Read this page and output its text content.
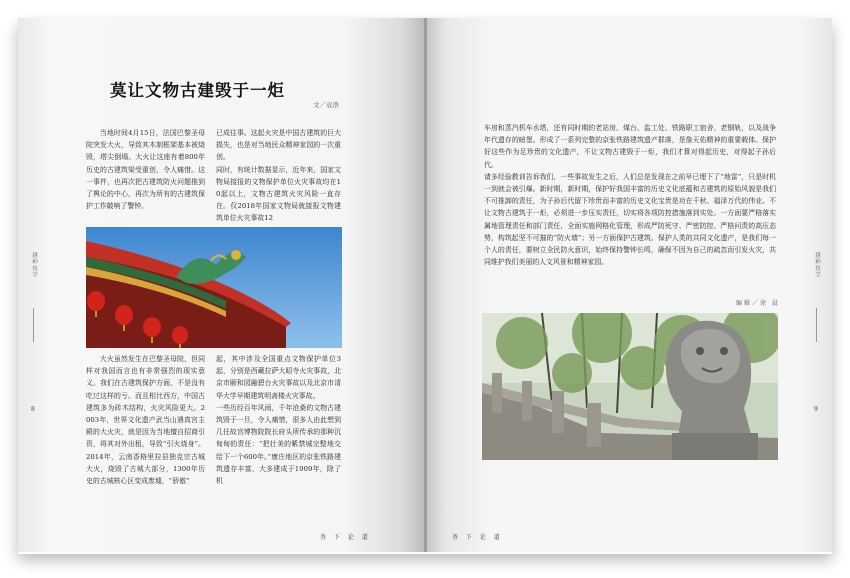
莫让文物古建毁于一炬
文／袁浩
当地时间4月15日，法国巴黎圣母院突发大火，导致其木制框架基本被烧毁，塔尖倒塌。大火让这座有着800年历史的古建筑梁受重创，令人痛惜。这一事件，也再次把古建筑防火问题推到了舆论的中心，再次为所有的古建筑保护工作敲响了警钟。
已成往事。这起火灾是中国古建筑的巨大损失，也是对当地民众精神家园的一次重创。
同时，有统计数据显示，近年来，国家文物局接报的文物保护单位火灾事故均在10起以上，文物古建筑火灾风险一直存在。仅2018年国家文物局就接报文物建筑单位火灾事故12
大火虽然发生在巴黎圣母院，但同样对我国而言也有非常强烈的现实意义。我们在古建筑保护方面，不是没有吃过这样的亏。而且相比西方，中国古建筑多为砖木结构，火灾风险更大。2003年，世界文化遗产武当山遇真宫主殿的大火灾，就是因为当地擅自招商引资，将其对外出租，导致“引火烧身”。2014年，云南香格里拉县独克宗古城大火，烧毁了古城大部分，1300年历史的古城核心区变成废墟，“骄傲”
起，其中涉及全国重点文物保护单位3起，分别是西藏拉萨大昭寺火灾事故，北京市颐和园融碧台火灾事故以及北京市清华大学早期建筑明斋楼火灾事故。
一些历经百年风雨，千年沧桑的文物古建筑毁于一旦，令人痛惜，很多人由此想到几任故宫博物院院长府头所传承的那种沉甸甸的责任：“把壮美的紫禁城完整地交给下一个600年。”康庄地区的京张铁路建筑遗存丰富，大多建成于1909年，除了机
越种技学
8
务 下 论 道
车房和蒸汽机车水塔，还有同时期的老站房、煤台、监工处、铁路职工宿舍、老钢轨，以及战争年代遗存的暗堡。形成了一系列完整的京张铁路建筑遗产群落，是詹天佑精神的重要载体。保护好这些作为足珍贵的文化遗产，不让文物古建毁于一炬，我们才算对得起历史，对得起子孙后代。
请多经验教训告诉我们，一些事故发生之后，人们总是发现在之前早已埋下了“地雷”，只是时机一到就会被引爆。新时期，新时期，保护好我国丰富的历史文化底蕴和古建筑的原始风貌是我们不可推卸的责任，为子孙后代留下珍贵而丰富的历史文化宝贵是功在千秋、福泽万代的伟业。不让文物古建筑于一炬，必须进一步压实责任，切实将各项防控措施落到实处。一方面要严格落实属地管理责任和部门责任，全面实施网格化管理，形成严防死守、严密防控、严格问责的高压态势，构筑起坚不可摧的“防火墙”；另一方面保护古建筑、保护人类的共同文化遗产，是我们每一个人的责任，要树立全民防火意识，始终保持警钟长鸣，确保不因为自己的疏忽而引发火灾，共同维护我们美丽的人文风景和精神家园。
编辑／徐 晨
越种技学
9
务 下 论 道
